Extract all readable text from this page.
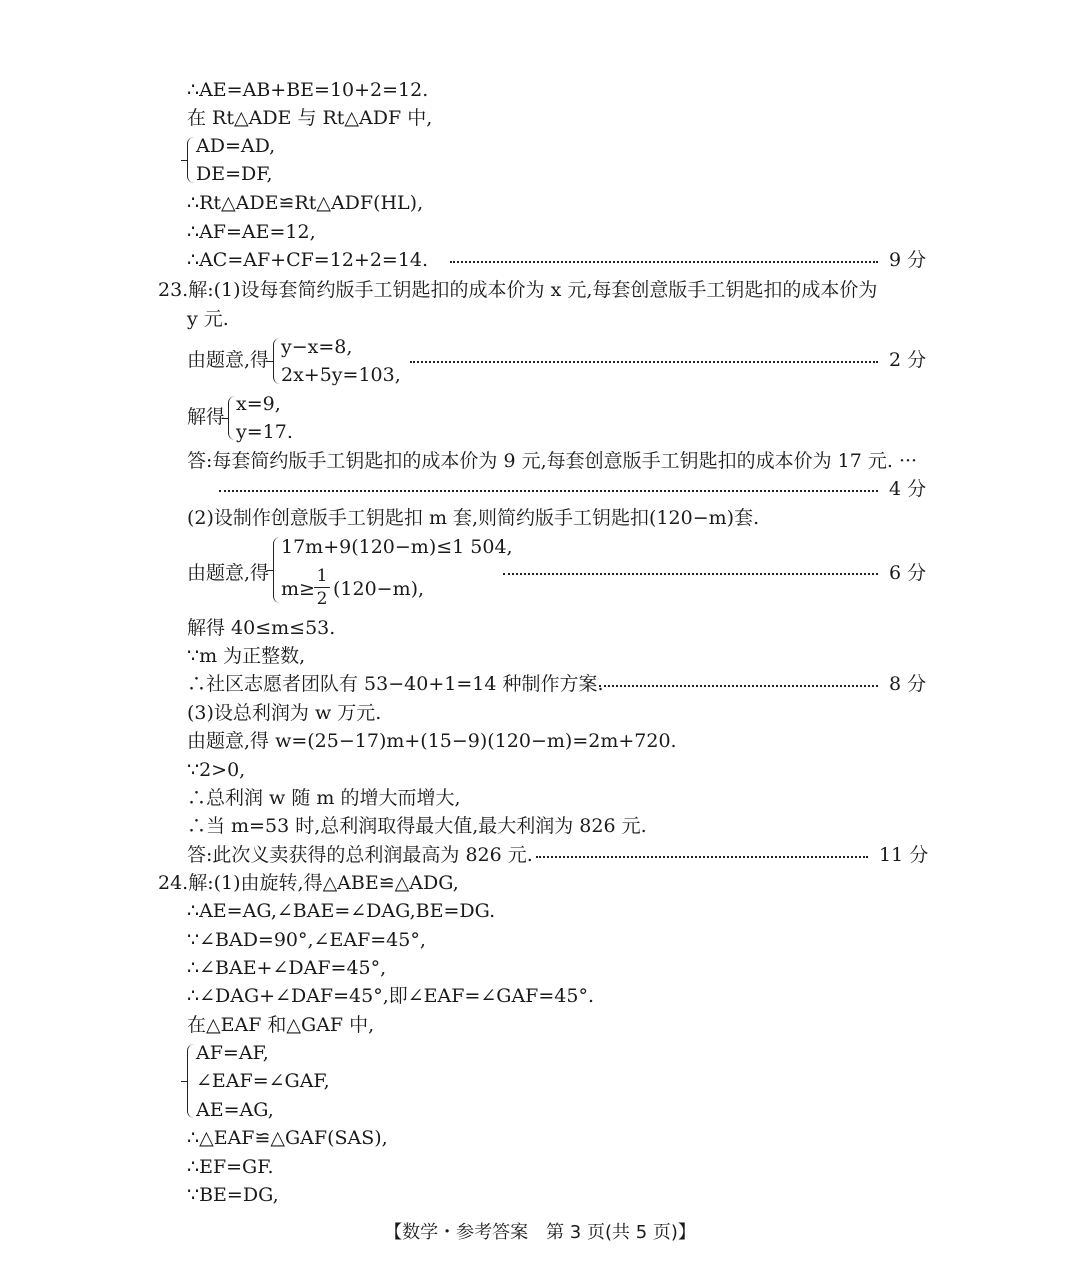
∴AE=AB+BE=10+2=12.
在 Rt△ADE 与 Rt△ADF 中,
AD=AD,
DE=DF,
∴Rt△ADE≌Rt△ADF(HL),
∴AF=AE=12,
∴AC=AF+CF=12+2=14.	9 分
23.解:(1)设每套简约版手工钥匙扣的成本价为 x 元,每套创意版手工钥匙扣的成本价为
y 元.
由题意,得
y−x=8,
2x+5y=103,
2 分
解得
x=9,
y=17.
答:每套简约版手工钥匙扣的成本价为 9 元,每套创意版手工钥匙扣的成本价为 17 元. ···
4 分
(2)设制作创意版手工钥匙扣 m 套,则简约版手工钥匙扣(120−m)套.
由题意,得
17m+9(120−m)≤1 504,
m≥
1
2 (120−m),
6 分
解得 40≤m≤53.
∵m 为正整数,
∴社区志愿者团队有 53−40+1=14 种制作方案.	8 分
(3)设总利润为 w 万元.
由题意,得 w=(25−17)m+(15−9)(120−m)=2m+720.
∵2>0,
∴总利润 w 随 m 的增大而增大,
∴当 m=53 时,总利润取得最大值,最大利润为 826 元.
答:此次义卖获得的总利润最高为 826 元.	11 分
24.解:(1)由旋转,得△ABE≌△ADG,
∴AE=AG,∠BAE=∠DAG,BE=DG.
∵∠BAD=90°,∠EAF=45°,
∴∠BAE+∠DAF=45°,
∴∠DAG+∠DAF=45°,即∠EAF=∠GAF=45°.
在△EAF 和△GAF 中,
AF=AF,
∠EAF=∠GAF,
AE=AG,
∴△EAF≌△GAF(SAS),
∴EF=GF.
∵BE=DG,
【数学・参考答案　第 3 页(共 5 页)】
